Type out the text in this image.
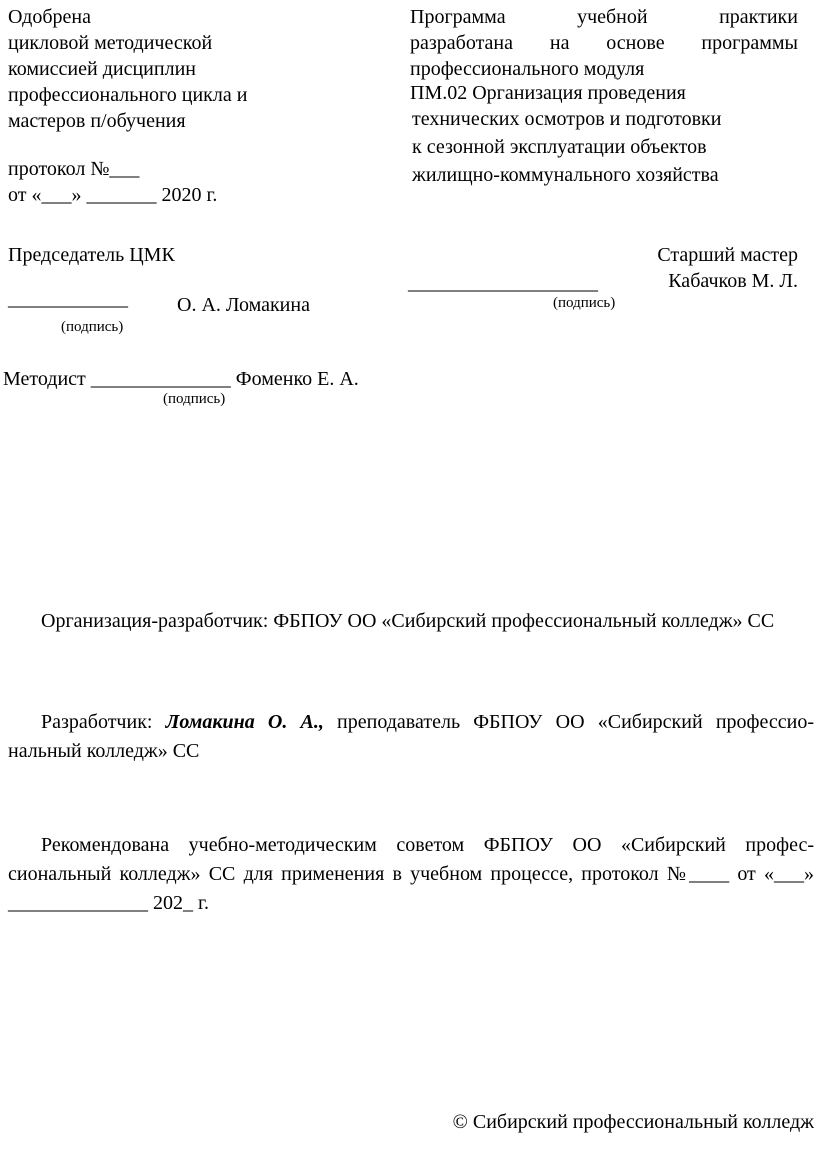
Одобрена
цикловой методической
комиссией дисциплин
профессионального цикла и
мастеров п/обучения
протокол №___
от «___» _______ 2020 г.
Программа	учебной	практики
разработана на основе программы
профессионального модуля
ПМ.02 Организация проведения
технических осмотров и подготовки
к сезонной эксплуатации объектов
жилищно-коммунального хозяйства
Председатель ЦМК
____________ О. А. Ломакина
(подпись)
Старший мастер
___________________	Кабачков М. Л.
(подпись)
Методист ______________ Фоменко Е. А.
(подпись)
Организация-разработчик: ФБПОУ ОО «Сибирский профессиональный колледж» СС
Разработчик: Ломакина О. А., преподаватель ФБПОУ ОО «Сибирский профессио-нальный колледж» СС
Рекомендована учебно-методическим советом ФБПОУ ОО «Сибирский профес-сиональный колледж» СС для применения в учебном процессе, протокол №____ от «___» ______________ 202_ г.
© Сибирский профессиональный колледж
